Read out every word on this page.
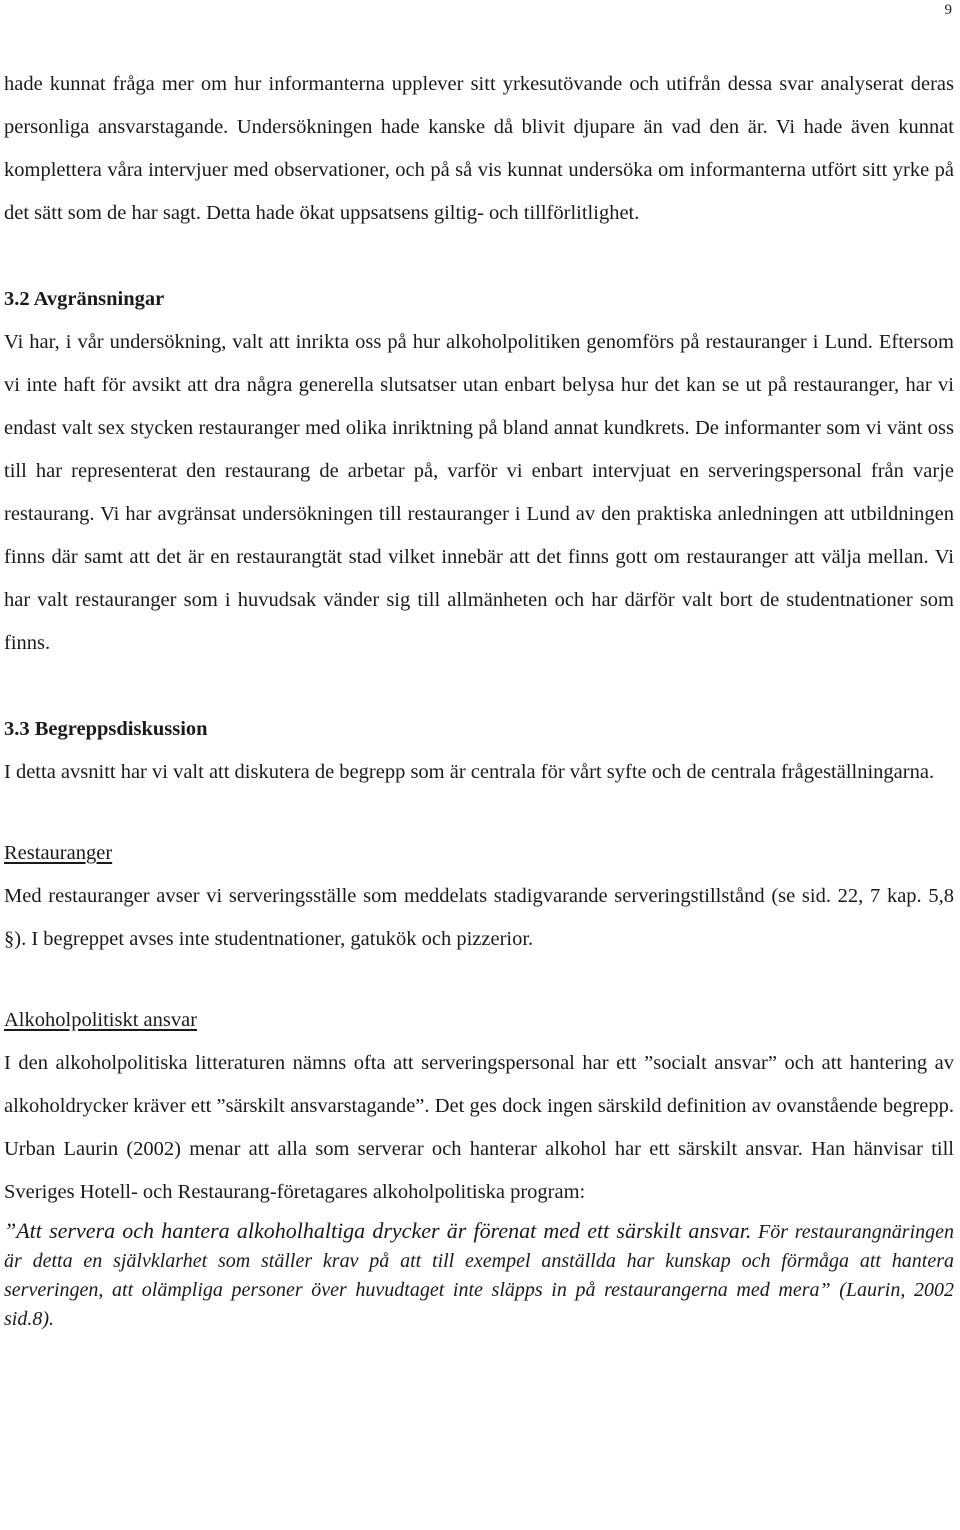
9

hade kunnat fråga mer om hur informanterna upplever sitt yrkesutövande och utifrån dessa svar analyserat deras personliga ansvarstagande. Undersökningen hade kanske då blivit djupare än vad den är. Vi hade även kunnat komplettera våra intervjuer med observationer, och på så vis kunnat undersöka om informanterna utfört sitt yrke på det sätt som de har sagt. Detta hade ökat uppsatsens giltig- och tillförlitlighet.

3.2 Avgränsningar

Vi har, i vår undersökning, valt att inrikta oss på hur alkoholpolitiken genomförs på restauranger i Lund. Eftersom vi inte haft för avsikt att dra några generella slutsatser utan enbart belysa hur det kan se ut på restauranger, har vi endast valt sex stycken restauranger med olika inriktning på bland annat kundkrets. De informanter som vi vänt oss till har representerat den restaurang de arbetar på, varför vi enbart intervjuat en serveringspersonal från varje restaurang. Vi har avgränsat undersökningen till restauranger i Lund av den praktiska anledningen att utbildningen finns där samt att det är en restaurangtät stad vilket innebär att det finns gott om restauranger att välja mellan. Vi har valt restauranger som i huvudsak vänder sig till allmänheten och har därför valt bort de studentnationer som finns.

3.3 Begreppsdiskussion

I detta avsnitt har vi valt att diskutera de begrepp som är centrala för vårt syfte och de centrala frågeställningarna.

Restauranger

Med restauranger avser vi serveringsställe som meddelats stadigvarande serveringstillstånd (se sid. 22, 7 kap. 5,8 §). I begreppet avses inte studentnationer, gatukök och pizzerior.

Alkoholpolitiskt ansvar

I den alkoholpolitiska litteraturen nämns ofta att serveringspersonal har ett ”socialt ansvar” och att hantering av alkoholdrycker kräver ett ”särskilt ansvarstagande”. Det ges dock ingen särskild definition av ovanstående begrepp. Urban Laurin (2002) menar att alla som serverar och hanterar alkohol har ett särskilt ansvar. Han hänvisar till Sveriges Hotell- och Restaurang-företagares alkoholpolitiska program:

”Att servera och hantera alkoholhaltiga drycker är förenat med ett särskilt ansvar. För restaurangnäringen är detta en självklarhet som ställer krav på att till exempel anställda har kunskap och förmåga att hantera serveringen, att olämpliga personer över huvudtaget inte släpps in på restaurangerna med mera” (Laurin, 2002 sid.8).
